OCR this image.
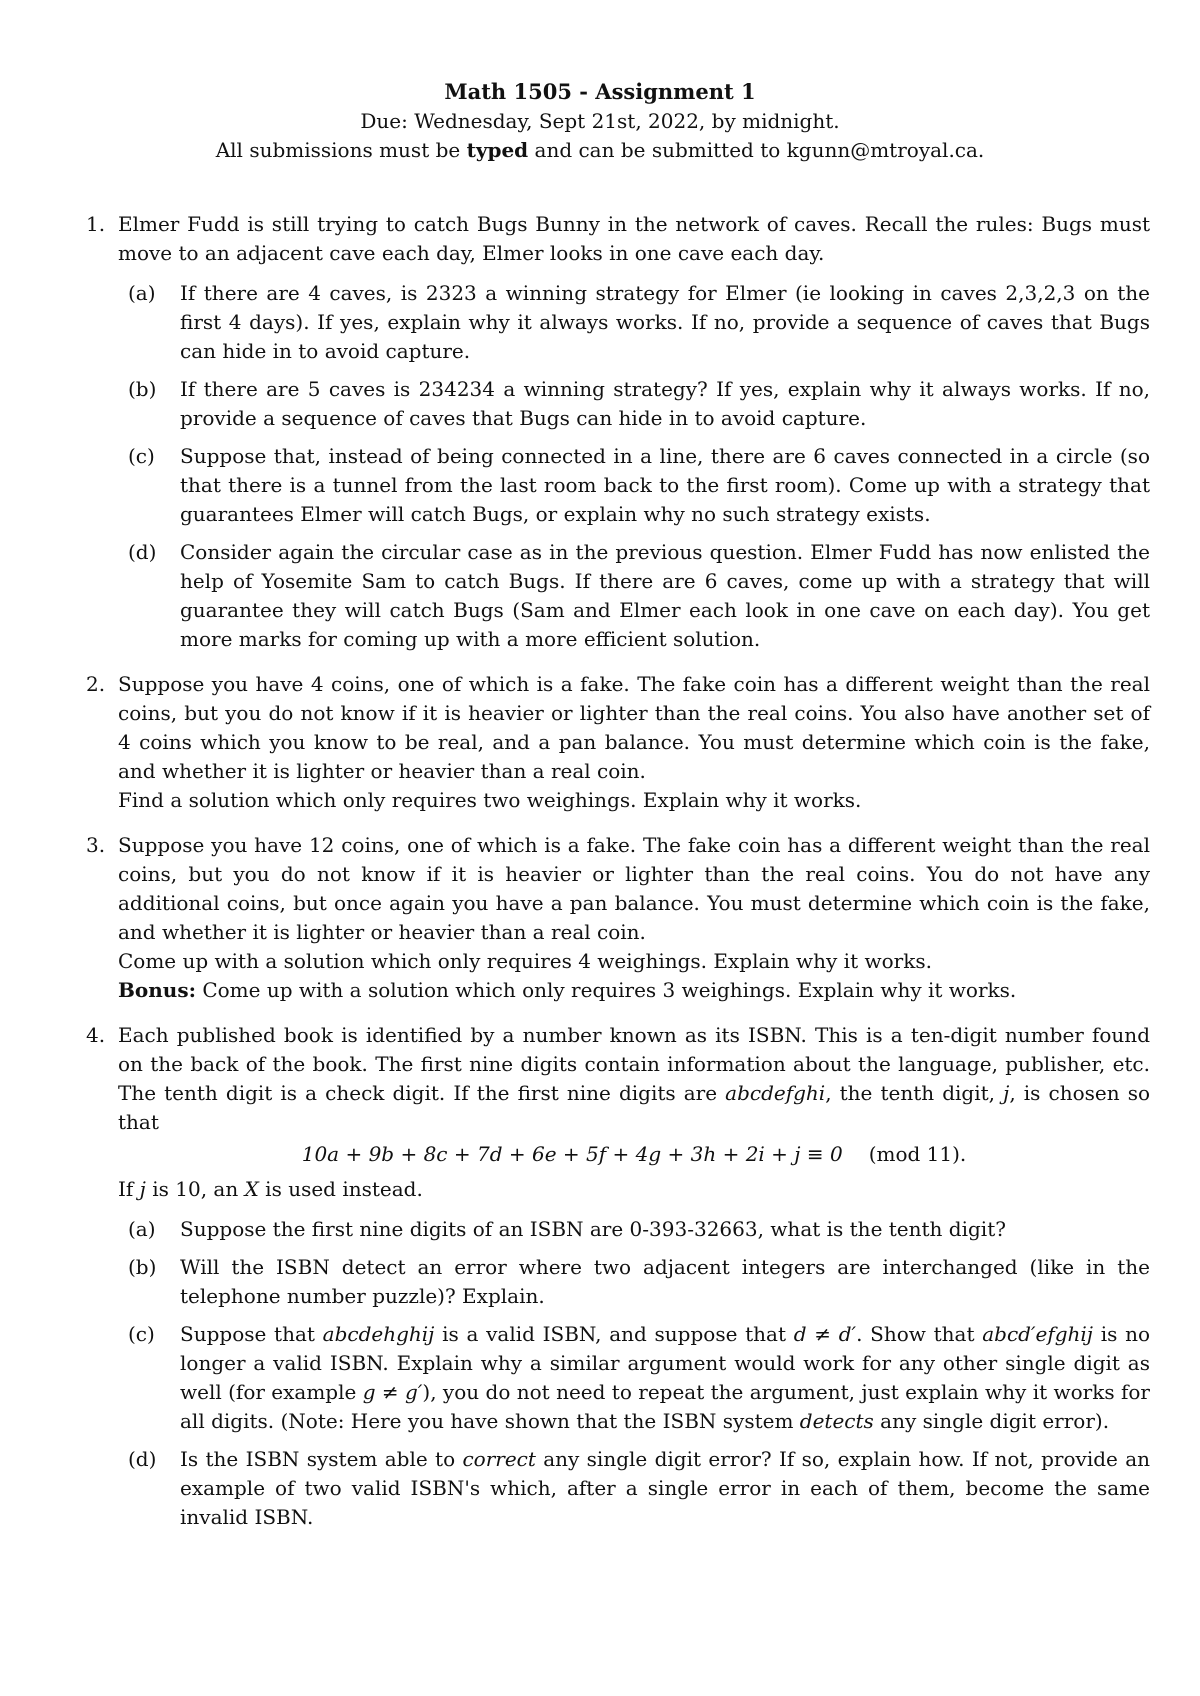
Math 1505 - Assignment 1
Due: Wednesday, Sept 21st, 2022, by midnight.
All submissions must be typed and can be submitted to kgunn@mtroyal.ca.
1. Elmer Fudd is still trying to catch Bugs Bunny in the network of caves. Recall the rules: Bugs must move to an adjacent cave each day, Elmer looks in one cave each day.

(a) If there are 4 caves, is 2323 a winning strategy for Elmer (ie looking in caves 2,3,2,3 on the first 4 days). If yes, explain why it always works. If no, provide a sequence of caves that Bugs can hide in to avoid capture.
(b) If there are 5 caves is 234234 a winning strategy? If yes, explain why it always works. If no, provide a sequence of caves that Bugs can hide in to avoid capture.
(c) Suppose that, instead of being connected in a line, there are 6 caves connected in a circle (so that there is a tunnel from the last room back to the first room). Come up with a strategy that guarantees Elmer will catch Bugs, or explain why no such strategy exists.
(d) Consider again the circular case as in the previous question. Elmer Fudd has now enlisted the help of Yosemite Sam to catch Bugs. If there are 6 caves, come up with a strategy that will guarantee they will catch Bugs (Sam and Elmer each look in one cave on each day). You get more marks for coming up with a more efficient solution.
2. Suppose you have 4 coins, one of which is a fake. The fake coin has a different weight than the real coins, but you do not know if it is heavier or lighter than the real coins. You also have another set of 4 coins which you know to be real, and a pan balance. You must determine which coin is the fake, and whether it is lighter or heavier than a real coin.

Find a solution which only requires two weighings. Explain why it works.

3. Suppose you have 12 coins, one of which is a fake. The fake coin has a different weight than the real coins, but you do not know if it is heavier or lighter than the real coins. You do not have any additional coins, but once again you have a pan balance. You must determine which coin is the fake, and whether it is lighter or heavier than a real coin.

Come up with a solution which only requires 4 weighings. Explain why it works.

Bonus: Come up with a solution which only requires 3 weighings. Explain why it works.

4. Each published book is identified by a number known as its ISBN. This is a ten-digit number found on the back of the book. The first nine digits contain information about the language, publisher, etc. The tenth digit is a check digit. If the first nine digits are abcdefghi, the tenth digit, j, is chosen so that

10a + 9b + 8c + 7d + 6e + 5f + 4g + 3h + 2i + j ≡ 0 (mod 11).

If j is 10, an X is used instead.

(a) Suppose the first nine digits of an ISBN are 0-393-32663, what is the tenth digit?
(b) Will the ISBN detect an error where two adjacent integers are interchanged (like in the telephone number puzzle)? Explain.
(c) Suppose that abcdehghij is a valid ISBN, and suppose that d ≠ d′. Show that abcd′efghij is no longer a valid ISBN. Explain why a similar argument would work for any other single digit as well (for example g ≠ g′), you do not need to repeat the argument, just explain why it works for all digits. (Note: Here you have shown that the ISBN system detects any single digit error).
(d) Is the ISBN system able to correct any single digit error? If so, explain how. If not, provide an example of two valid ISBN's which, after a single error in each of them, become the same invalid ISBN.
